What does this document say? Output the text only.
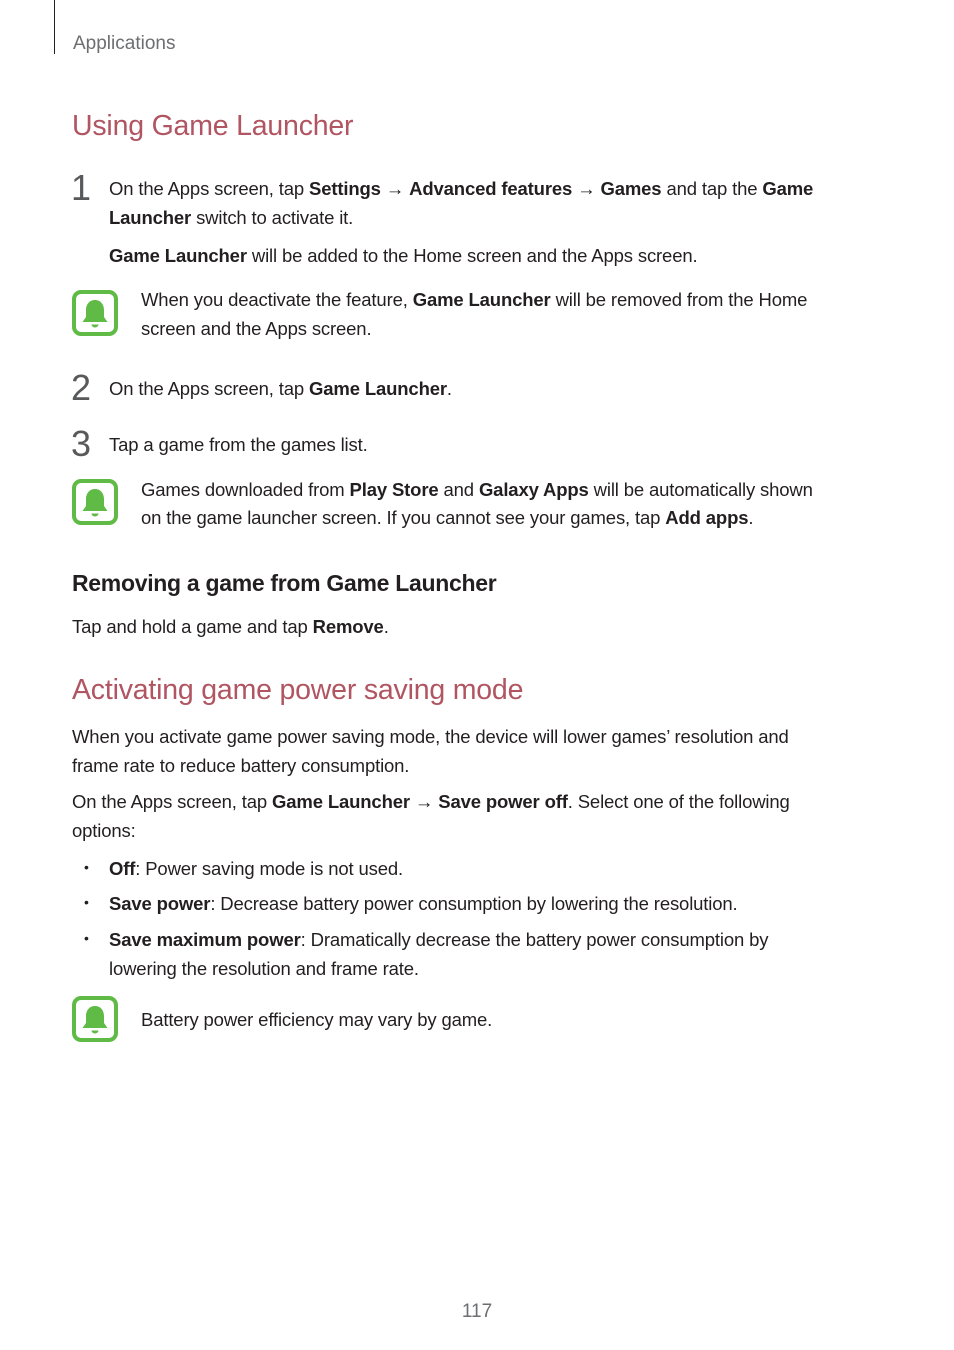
Applications
Using Game Launcher
1 On the Apps screen, tap Settings → Advanced features → Games and tap the Game
Launcher switch to activate it.
Game Launcher will be added to the Home screen and the Apps screen.
When you deactivate the feature, Game Launcher will be removed from the Home
screen and the Apps screen.
2 On the Apps screen, tap Game Launcher.
3 Tap a game from the games list.
Games downloaded from Play Store and Galaxy Apps will be automatically shown
on the game launcher screen. If you cannot see your games, tap Add apps.
Removing a game from Game Launcher
Tap and hold a game and tap Remove.
Activating game power saving mode
When you activate game power saving mode, the device will lower games’ resolution and
frame rate to reduce battery consumption.
On the Apps screen, tap Game Launcher → Save power off. Select one of the following
options:
• Off: Power saving mode is not used.
• Save power: Decrease battery power consumption by lowering the resolution.
• Save maximum power: Dramatically decrease the battery power consumption by
lowering the resolution and frame rate.
Battery power efficiency may vary by game.
117
